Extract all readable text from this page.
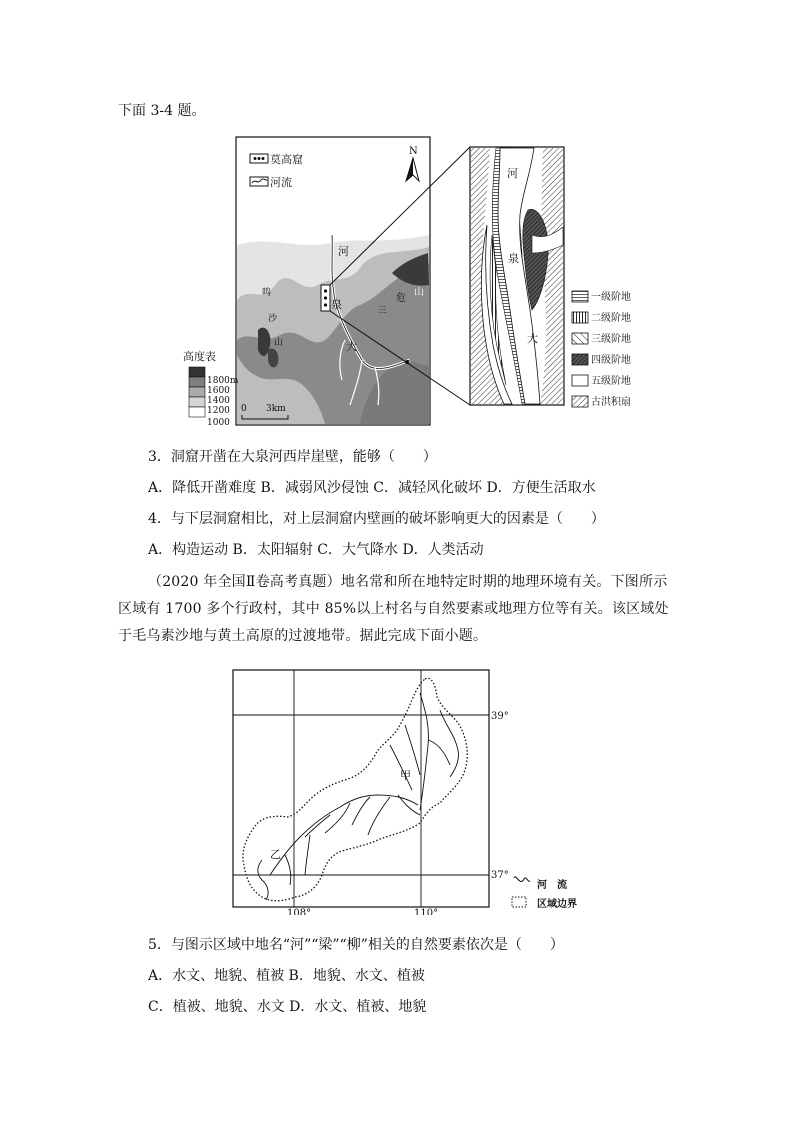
下面 3-4 题。
河
泉
大
鸣
沙
山
三
危
山
莫高窟
河流
N
高度表
1800m
1600
1400
1200
1000
0 3km
河
泉
大
一级阶地
二级阶地
三级阶地
四级阶地
五级阶地
古洪积扇
3．洞窟开凿在大泉河西岸崖壁，能够（　　）
A．降低开凿难度 B．减弱风沙侵蚀 C．减轻风化破坏 D．方便生活取水
4．与下层洞窟相比，对上层洞窟内壁画的破坏影响更大的因素是（　　）
A．构造运动 B．太阳辐射 C．大气降水 D．人类活动
（2020 年全国Ⅱ卷高考真题）地名常和所在地特定时期的地理环境有关。下图所示区域有 1700 多个行政村，其中 85%以上村名与自然要素或地理方位等有关。该区域处于毛乌素沙地与黄土高原的过渡地带。据此完成下面小题。
39°
37°
108°	110°
甲
乙
河　流
区域边界
5．与图示区域中地名“河”“梁”“柳”相关的自然要素依次是（　　）
A．水文、地貌、植被 B．地貌、水文、植被
C．植被、地貌、水文 D．水文、植被、地貌
